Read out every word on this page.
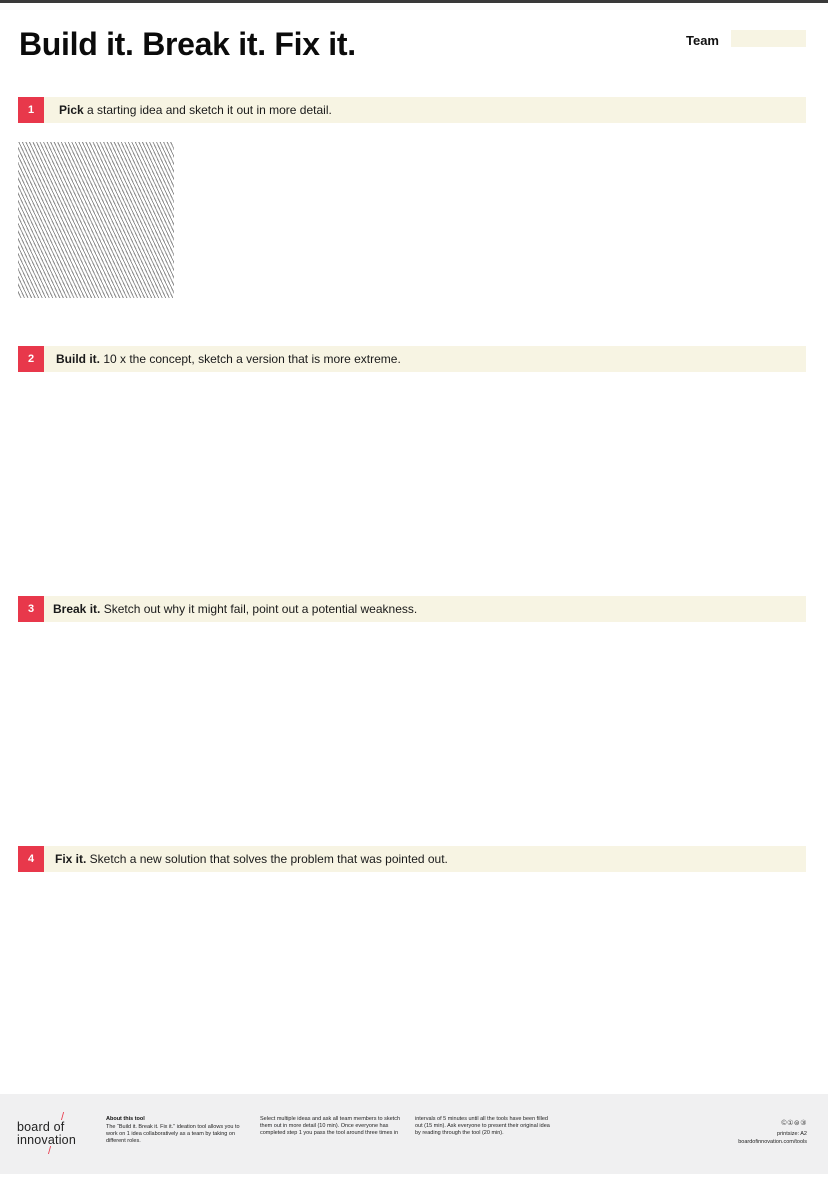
Build it. Break it. Fix it.	Team
1	Pick a starting idea and sketch it out in more detail.
2	Build it. 10 x the concept, sketch a version that is more extreme.
3	Break it. Sketch out why it might fail, point out a potential weakness.
4	Fix it. Sketch a new solution that solves the problem that was pointed out.
/
board of
innovation
/
About this tool
The “Build it. Break it. Fix it.” ideation tool allows you to work on 1 idea collaboratively as a team by taking on different roles.
Select multiple ideas and ask all team members to sketch them out in more detail (10 min). Once everyone has completed step 1 you pass the tool around three times in
intervals of 5 minutes until all the tools have been filled out (15 min). Ask everyone to present their original idea by reading through the tool (20 min).
©①⊜③
printsize: A2
boardofinnovation.com/tools
